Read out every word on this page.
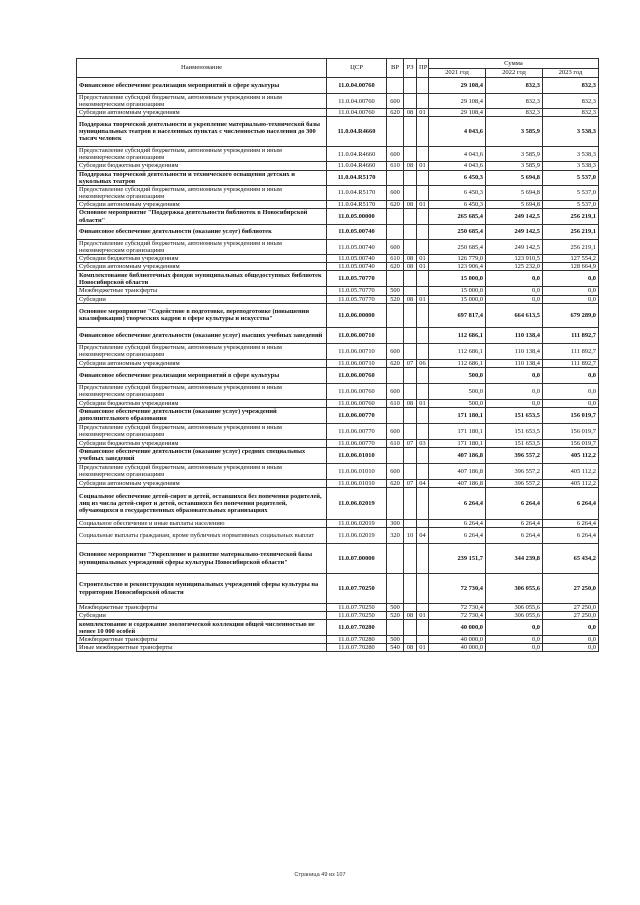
Наименование	ЦСР	ВР	РЗ	ПР	Сумма		
					2021 год	2022 год	2023 год
Финансовое обеспечение реализации мероприятий в сфере культуры	11.0.04.00760				29 108,4	832,3	832,3
Предоставление субсидий бюджетным, автономным учреждениям и иным некоммерческим организациям	11.0.04.00760	600			29 108,4	832,3	832,3
Субсидии автономным учреждениям	11.0.04.00760	620	08	01	29 108,4	832,3	832,3
Поддержка творческой деятельности и укрепление материально-технической базы муниципальных театров в населенных пунктах с численностью населения до 300 тысяч человек	11.0.04.R4660				4 043,6	3 585,9	3 538,3
Предоставление субсидий бюджетным, автономным учреждениям и иным некоммерческим организациям	11.0.04.R4660	600			4 043,6	3 585,9	3 538,3
Субсидии бюджетным учреждениям	11.0.04.R4660	610	08	01	4 043,6	3 585,9	3 538,3
Поддержка творческой деятельности и технического оснащения детских и кукольных театров	11.0.04.R5170				6 450,3	5 694,8	5 537,0
Предоставление субсидий бюджетным, автономным учреждениям и иным некоммерческим организациям	11.0.04.R5170	600			6 450,3	5 694,8	5 537,0
Субсидии автономным учреждениям	11.0.04.R5170	620	08	01	6 450,3	5 694,8	5 537,0
Основное мероприятие "Поддержка деятельности библиотек в Новосибирской области"	11.0.05.00000				265 685,4	249 142,5	256 219,1
Финансовое обеспечение деятельности (оказание услуг) библиотек	11.0.05.00740				250 685,4	249 142,5	256 219,1
Предоставление субсидий бюджетным, автономным учреждениям и иным некоммерческим организациям	11.0.05.00740	600			250 685,4	249 142,5	256 219,1
Субсидии бюджетным учреждениям	11.0.05.00740	610	08	01	126 779,0	123 910,5	127 554,2
Субсидии автономным учреждениям	11.0.05.00740	620	08	01	123 906,4	125 232,0	128 664,9
Комплектование библиотечных фондов муниципальных общедоступных библиотек Новосибирской области	11.0.05.70770				15 000,0	0,0	0,0
Межбюджетные трансферты	11.0.05.70770	500			15 000,0	0,0	0,0
Субсидии	11.0.05.70770	520	08	01	15 000,0	0,0	0,0
Основное мероприятие "Содействие в подготовке, переподготовке (повышении квалификации) творческих кадров в сфере культуры и искусства"	11.0.06.00000				697 817,4	664 613,5	679 289,0
Финансовое обеспечение деятельности (оказание услуг) высших учебных заведений	11.0.06.00710				112 686,1	110 138,4	111 892,7
Предоставление субсидий бюджетным, автономным учреждениям и иным некоммерческим организациям	11.0.06.00710	600			112 686,1	110 138,4	111 892,7
Субсидии автономным учреждениям	11.0.06.00710	620	07	06	112 686,1	110 138,4	111 892,7
Финансовое обеспечение реализации мероприятий в сфере культуры	11.0.06.00760				500,0	0,0	0,0
Предоставление субсидий бюджетным, автономным учреждениям и иным некоммерческим организациям	11.0.06.00760	600			500,0	0,0	0,0
Субсидии бюджетным учреждениям	11.0.06.00760	610	08	01	500,0	0,0	0,0
Финансовое обеспечение деятельности (оказание услуг) учреждений дополнительного образования	11.0.06.00770				171 180,1	151 653,5	156 019,7
Предоставление субсидий бюджетным, автономным учреждениям и иным некоммерческим организациям	11.0.06.00770	600			171 180,1	151 653,5	156 019,7
Субсидии бюджетным учреждениям	11.0.06.00770	610	07	03	171 180,1	151 653,5	156 019,7
Финансовое обеспечение деятельности (оказание услуг) средних специальных учебных заведений	11.0.06.01010				407 186,8	396 557,2	405 112,2
Предоставление субсидий бюджетным, автономным учреждениям и иным некоммерческим организациям	11.0.06.01010	600			407 186,8	396 557,2	405 112,2
Субсидии автономным учреждениям	11.0.06.01010	620	07	04	407 186,8	396 557,2	405 112,2
Социальное обеспечение детей-сирот и детей, оставшихся без попечения родителей, лиц из числа детей-сирот и детей, оставшихся без попечения родителей, обучающихся в государственных образовательных организациях	11.0.06.02019				6 264,4	6 264,4	6 264,4
Социальное обеспечение и иные выплаты населению	11.0.06.02019	300			6 264,4	6 264,4	6 264,4
Социальные выплаты гражданам, кроме публичных нормативных социальных выплат	11.0.06.02019	320	10	04	6 264,4	6 264,4	6 264,4
Основное мероприятие "Укрепление и развитие материально-технической базы муниципальных учреждений сферы культуры Новосибирской области"	11.0.07.00000				239 151,7	344 239,8	65 434,2
Строительство и реконструкция муниципальных учреждений сферы культуры на территории Новосибирской области	11.0.07.70250				72 730,4	306 055,6	27 250,0
Межбюджетные трансферты	11.0.07.70250	500			72 730,4	306 055,6	27 250,0
Субсидии	11.0.07.70250	520	08	01	72 730,4	306 055,6	27 250,0
комплектование и содержание зоологической коллекции общей численностью не менее 10 000 особей	11.0.07.70280				40 000,0	0,0	0,0
Межбюджетные трансферты	11.0.07.70280	500			40 000,0	0,0	0,0
Иные межбюджетные трансферты	11.0.07.70280	540	08	01	40 000,0	0,0	0,0
Страница 49 из 107
